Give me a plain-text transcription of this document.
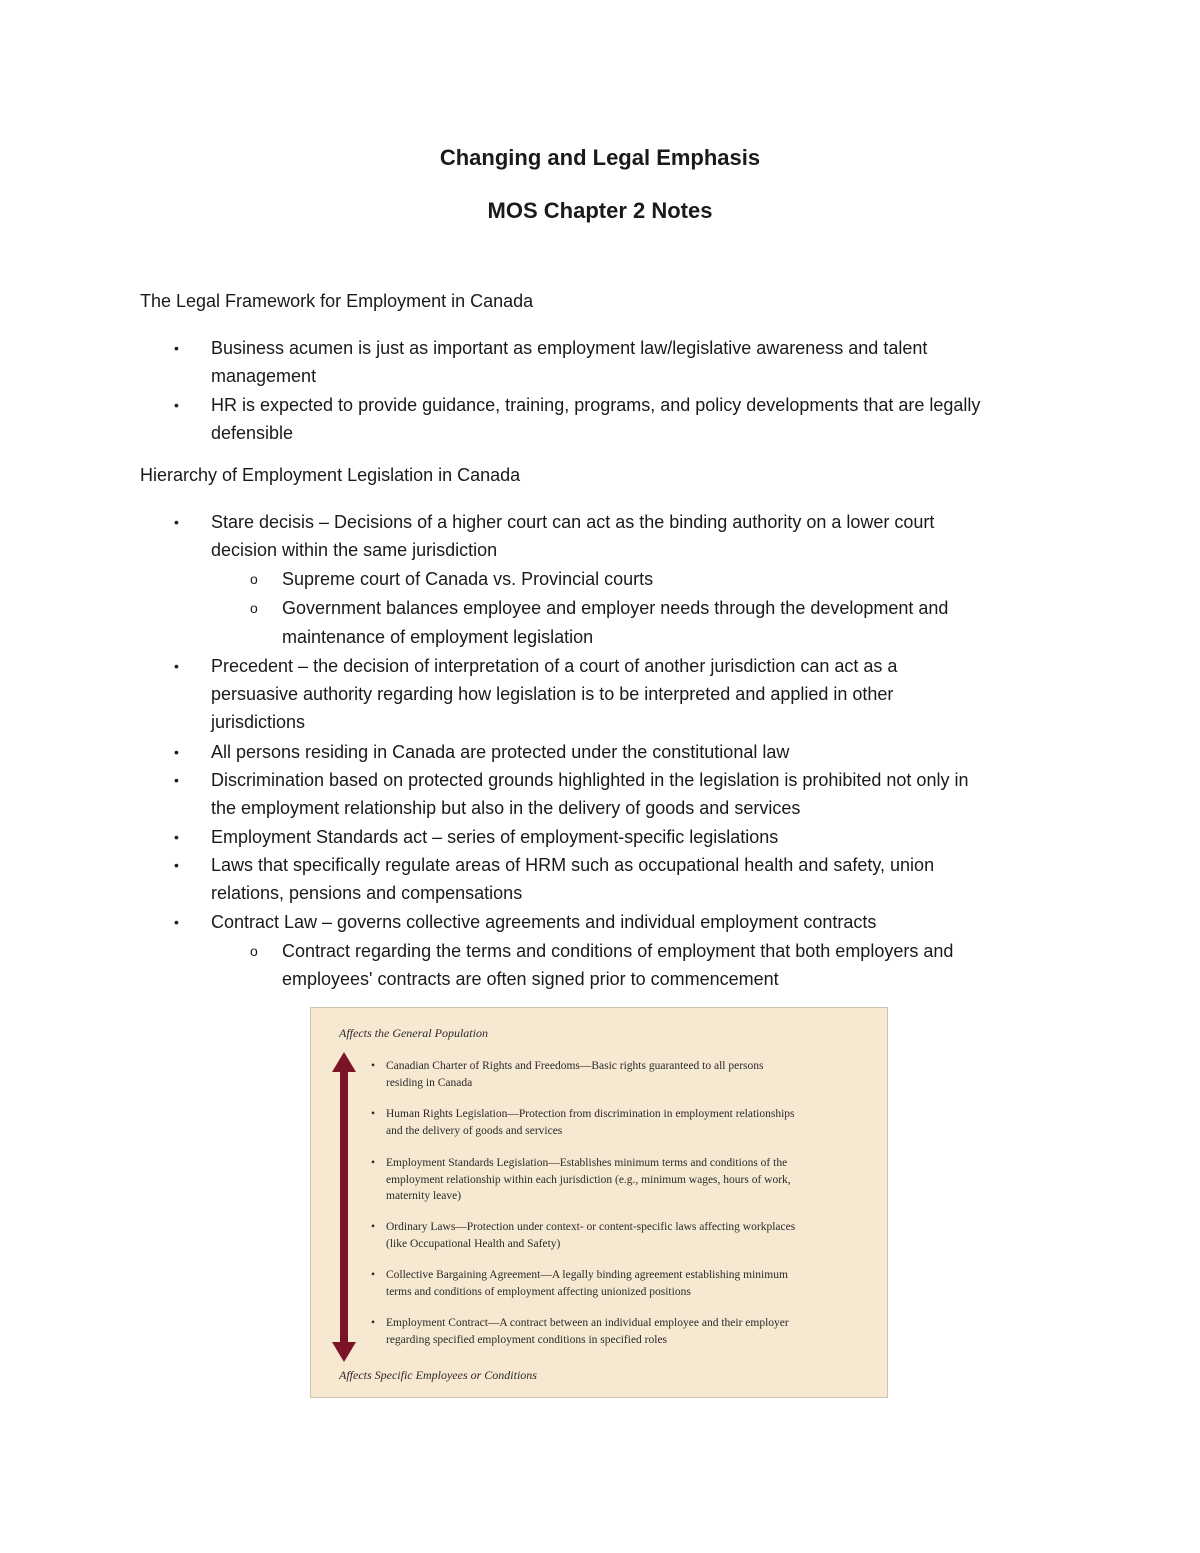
Changing and Legal Emphasis
MOS Chapter 2 Notes

The Legal Framework for Employment in Canada

• Business acumen is just as important as employment law/legislative awareness and talent
management
• HR is expected to provide guidance, training, programs, and policy developments that are legally
defensible

Hierarchy of Employment Legislation in Canada

• Stare decisis – Decisions of a higher court can act as the binding authority on a lower court
decision within the same jurisdiction
o Supreme court of Canada vs. Provincial courts
o Government balances employee and employer needs through the development and
maintenance of employment legislation
• Precedent – the decision of interpretation of a court of another jurisdiction can act as a
persuasive authority regarding how legislation is to be interpreted and applied in other
jurisdictions
• All persons residing in Canada are protected under the constitutional law
• Discrimination based on protected grounds highlighted in the legislation is prohibited not only in
the employment relationship but also in the delivery of goods and services
• Employment Standards act – series of employment-specific legislations
• Laws that specifically regulate areas of HRM such as occupational health and safety, union
relations, pensions and compensations
• Contract Law – governs collective agreements and individual employment contracts
o Contract regarding the terms and conditions of employment that both employers and
employees' contracts are often signed prior to commencement
Affects the General Population
• Canadian Charter of Rights and Freedoms—Basic rights guaranteed to all persons
residing in Canada
• Human Rights Legislation—Protection from discrimination in employment relationships
and the delivery of goods and services
• Employment Standards Legislation—Establishes minimum terms and conditions of the
employment relationship within each jurisdiction (e.g., minimum wages, hours of work,
maternity leave)
• Ordinary Laws—Protection under context- or content-specific laws affecting workplaces
(like Occupational Health and Safety)
• Collective Bargaining Agreement—A legally binding agreement establishing minimum
terms and conditions of employment affecting unionized positions
• Employment Contract—A contract between an individual employee and their employer
regarding specified employment conditions in specified roles
Affects Specific Employees or Conditions
